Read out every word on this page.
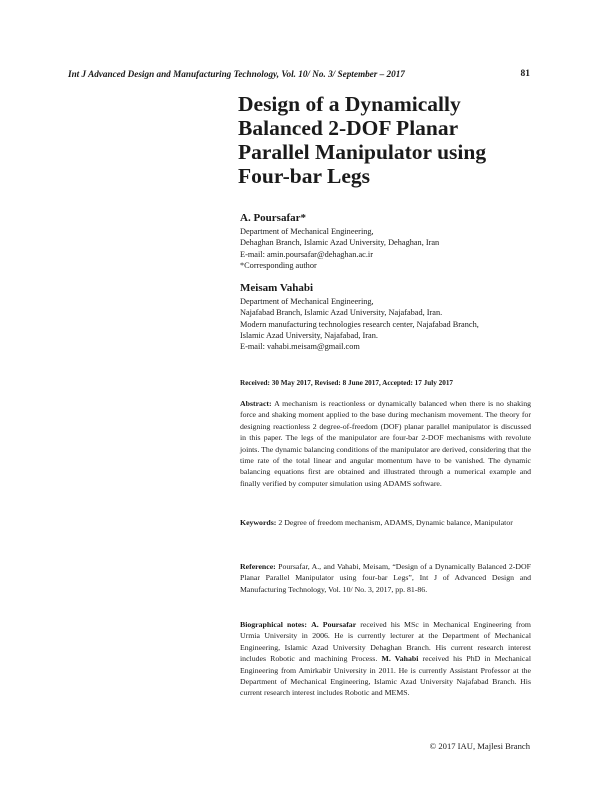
Int J Advanced Design and Manufacturing Technology, Vol. 10/ No. 3/ September – 2017	81
Design of a Dynamically
Balanced 2-DOF Planar
Parallel Manipulator using
Four-bar Legs
A. Poursafar*
Department of Mechanical Engineering,
Dehaghan Branch, Islamic Azad University, Dehaghan, Iran
E-mail: amin.poursafar@dehaghan.ac.ir
*Corresponding author
Meisam Vahabi
Department of Mechanical Engineering,
Najafabad Branch, Islamic Azad University, Najafabad, Iran.
Modern manufacturing technologies research center, Najafabad Branch,
Islamic Azad University, Najafabad, Iran.
E-mail: vahabi.meisam@gmail.com
Received: 30 May 2017, Revised: 8 June 2017, Accepted: 17 July 2017
Abstract: A mechanism is reactionless or dynamically balanced when there is no shaking force and shaking moment applied to the base during mechanism movement. The theory for designing reactionless 2 degree-of-freedom (DOF) planar parallel manipulator is discussed in this paper. The legs of the manipulator are four-bar 2-DOF mechanisms with revolute joints. The dynamic balancing conditions of the manipulator are derived, considering that the time rate of the total linear and angular momentum have to be vanished. The dynamic balancing equations first are obtained and illustrated through a numerical example and finally verified by computer simulation using ADAMS software.
Keywords: 2 Degree of freedom mechanism, ADAMS, Dynamic balance, Manipulator
Reference: Poursafar, A., and Vahabi, Meisam, “Design of a Dynamically Balanced 2-DOF Planar Parallel Manipulator using four-bar Legs”, Int J of Advanced Design and Manufacturing Technology, Vol. 10/ No. 3, 2017, pp. 81-86.
Biographical notes: A. Poursafar received his MSc in Mechanical Engineering from Urmia University in 2006. He is currently lecturer at the Department of Mechanical Engineering, Islamic Azad University Dehaghan Branch. His current research interest includes Robotic and machining Process. M. Vahabi received his PhD in Mechanical Engineering from Amirkabir University in 2011. He is currently Assistant Professor at the Department of Mechanical Engineering, Islamic Azad University Najafabad Branch. His current research interest includes Robotic and MEMS.
© 2017 IAU, Majlesi Branch
